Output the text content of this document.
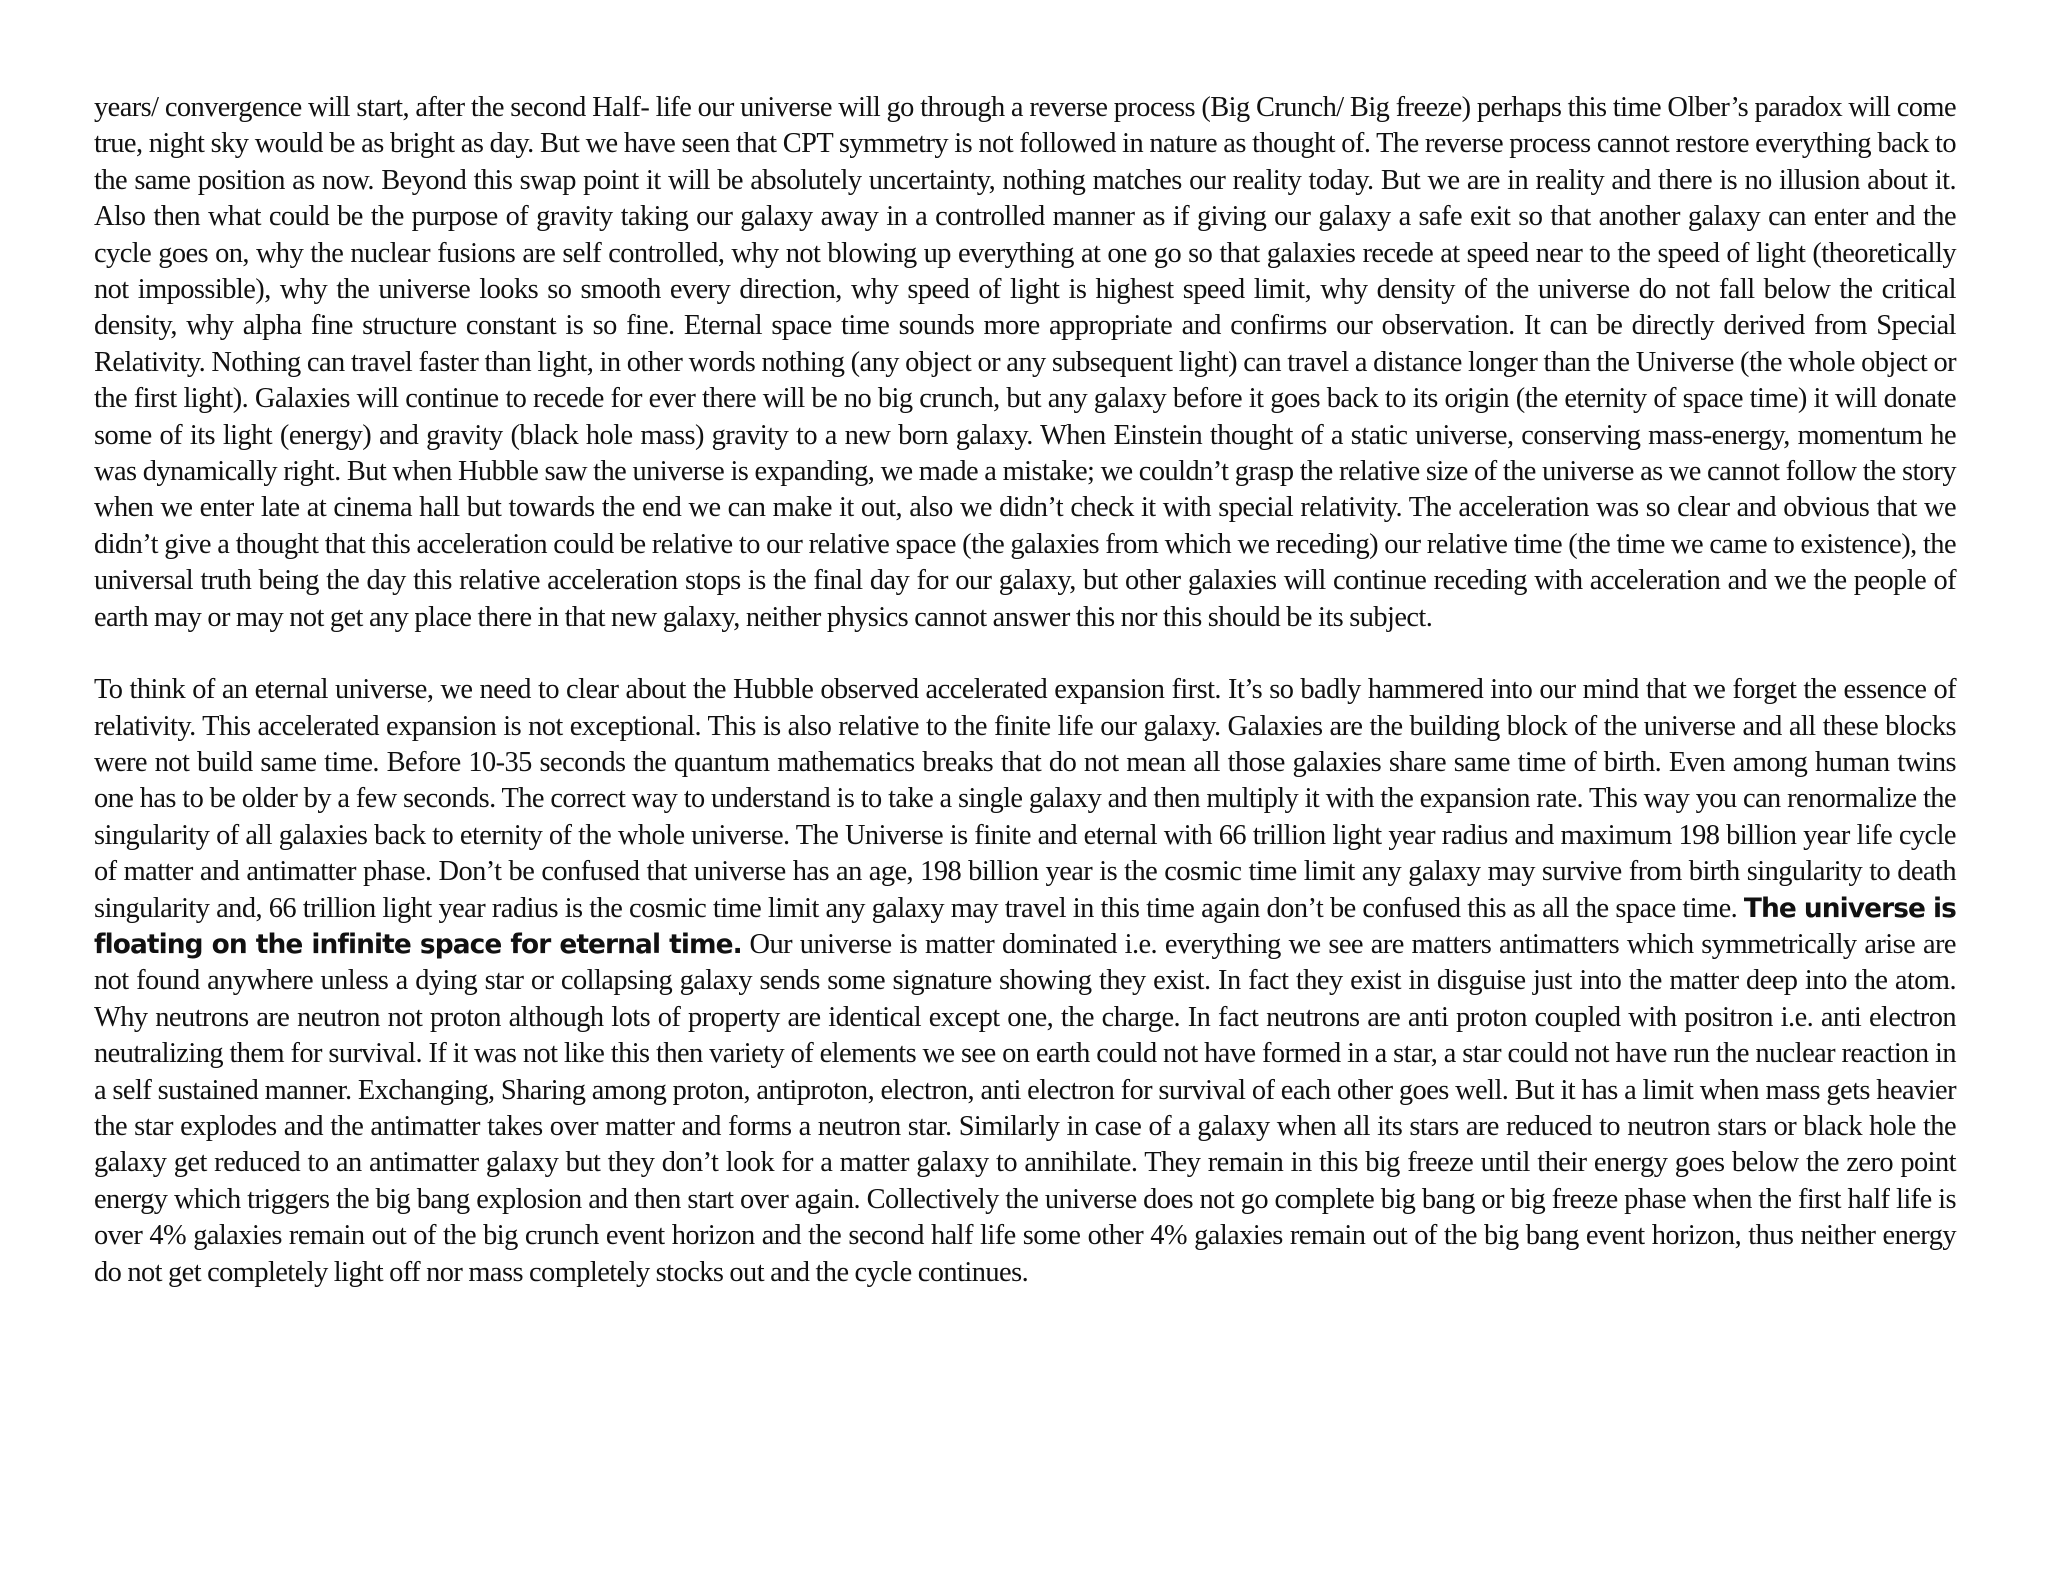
years/ convergence will start, after the second Half- life our universe will go through a reverse process (Big Crunch/ Big freeze) perhaps this time Olber’s paradox will come true, night sky would be as bright as day. But we have seen that CPT symmetry is not followed in nature as thought of. The reverse process cannot restore everything back to the same position as now. Beyond this swap point it will be absolutely uncertainty, nothing matches our reality today. But we are in reality and there is no illusion about it. Also then what could be the purpose of gravity taking our galaxy away in a controlled manner as if giving our galaxy a safe exit so that another galaxy can enter and the cycle goes on, why the nuclear fusions are self controlled, why not blowing up everything at one go so that galaxies recede at speed near to the speed of light (theoretically not impossible), why the universe looks so smooth every direction, why speed of light is highest speed limit, why density of the universe do not fall below the critical density, why alpha fine structure constant is so fine. Eternal space time sounds more appropriate and confirms our observation. It can be directly derived from Special Relativity. Nothing can travel faster than light, in other words nothing (any object or any subsequent light) can travel a distance longer than the Universe (the whole object or the first light). Galaxies will continue to recede for ever there will be no big crunch, but any galaxy before it goes back to its origin (the eternity of space time) it will donate some of its light (energy) and gravity (black hole mass) gravity to a new born galaxy. When Einstein thought of a static universe, conserving mass-energy, momentum he was dynamically right. But when Hubble saw the universe is expanding, we made a mistake; we couldn’t grasp the relative size of the universe as we cannot follow the story when we enter late at cinema hall but towards the end we can make it out, also we didn’t check it with special relativity. The acceleration was so clear and obvious that we didn’t give a thought that this acceleration could be relative to our relative space (the galaxies from which we receding) our relative time (the time we came to existence), the universal truth being the day this relative acceleration stops is the final day for our galaxy, but other galaxies will continue receding with acceleration and we the people of earth may or may not get any place there in that new galaxy, neither physics cannot answer this nor this should be its subject.

To think of an eternal universe, we need to clear about the Hubble observed accelerated expansion first. It’s so badly hammered into our mind that we forget the essence of relativity. This accelerated expansion is not exceptional. This is also relative to the finite life our galaxy. Galaxies are the building block of the universe and all these blocks were not build same time. Before 10-35 seconds the quantum mathematics breaks that do not mean all those galaxies share same time of birth. Even among human twins one has to be older by a few seconds. The correct way to understand is to take a single galaxy and then multiply it with the expansion rate. This way you can renormalize the singularity of all galaxies back to eternity of the whole universe. The Universe is finite and eternal with 66 trillion light year radius and maximum 198 billion year life cycle of matter and antimatter phase. Don’t be confused that universe has an age, 198 billion year is the cosmic time limit any galaxy may survive from birth singularity to death singularity and, 66 trillion light year radius is the cosmic time limit any galaxy may travel in this time again don’t be confused this as all the space time. The universe is floating on the infinite space for eternal time. Our universe is matter dominated i.e. everything we see are matters antimatters which symmetrically arise are not found anywhere unless a dying star or collapsing galaxy sends some signature showing they exist. In fact they exist in disguise just into the matter deep into the atom. Why neutrons are neutron not proton although lots of property are identical except one, the charge. In fact neutrons are anti proton coupled with positron i.e. anti electron neutralizing them for survival. If it was not like this then variety of elements we see on earth could not have formed in a star, a star could not have run the nuclear reaction in a self sustained manner. Exchanging, Sharing among proton, antiproton, electron, anti electron for survival of each other goes well. But it has a limit when mass gets heavier the star explodes and the antimatter takes over matter and forms a neutron star. Similarly in case of a galaxy when all its stars are reduced to neutron stars or black hole the galaxy get reduced to an antimatter galaxy but they don’t look for a matter galaxy to annihilate. They remain in this big freeze until their energy goes below the zero point energy which triggers the big bang explosion and then start over again. Collectively the universe does not go complete big bang or big freeze phase when the first half life is over 4% galaxies remain out of the big crunch event horizon and the second half life some other 4% galaxies remain out of the big bang event horizon, thus neither energy do not get completely light off nor mass completely stocks out and the cycle continues.
